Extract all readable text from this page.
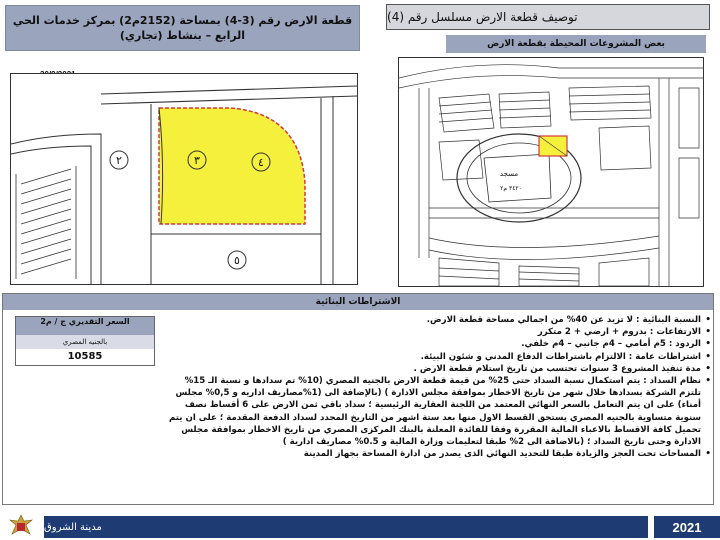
قطعة الارض رقم (3-4) بمساحة (2152م2) بمركز خدمات الحي الرابع – بنشاط (تجاري)
٤
٣
٢
٥
توصيف قطعة الارض مسلسل رقم (4)
بعض المشروعات المحيطة بقطعة الارض
مسجد
٣٤٢٠ م٢
الاشتراطات البنائية
السعر التقديري ج / م2
بالجنيه المصري
10585
• النسبة البنائية : لا تزيد عن 40% من اجمالي مساحة قطعة الارض.
• الارتفاعات : بدروم + ارضي + 2 متكرر
• الردود : 5م أمامي – 4م جانبي – 4م خلفي.
• اشتراطات عامة : الالتزام باشتراطات الدفاع المدني و شئون البيئة.
• مدة تنفيذ المشروع 3 سنوات تحتسب من تاريخ استلام قطعة الارض .
• نظام السداد : يتم استكمال نسبة السداد حتى 25% من قيمة قطعة الارض بالجنيه المصري (10% تم سدادها و نسبة الـ 15% تلتزم الشركة بسدادها خلال شهر من تاريخ الاخطار بموافقة مجلس الادارة ) (بالإضافة الى (1%مصاريف اداريه و 0,5% مجلس أمناء) على ان يتم التعامل بالسعر النهائي المعتمد من اللجنة العقارية الرئيسية ؛ سداد باقي ثمن الارض على 6 أقساط نصف سنوية متساوية بالجنيه المصري يستحق القسط الاول منها بعد ستة اشهر من التاريخ المحدد لسداد الدفعة المقدمة ؛ على ان يتم تحميل كافة الاقساط بالاعباء المالية المقررة وفقا للفائدة المعلنة بالبنك المركزى المصري من تاريخ الاخطار بموافقة مجلس الادارة وحتى تاريخ السداد ؛ (بالاضافة الى 2% طبقا لتعليمات وزارة المالية و 0.5% مصاريف ادارية )
• المساحات تحت العجز والزيادة طبقا للتحديد النهائي الذى يصدر من ادارة المساحة بجهاز المدينة
مدينة الشروق	2021
